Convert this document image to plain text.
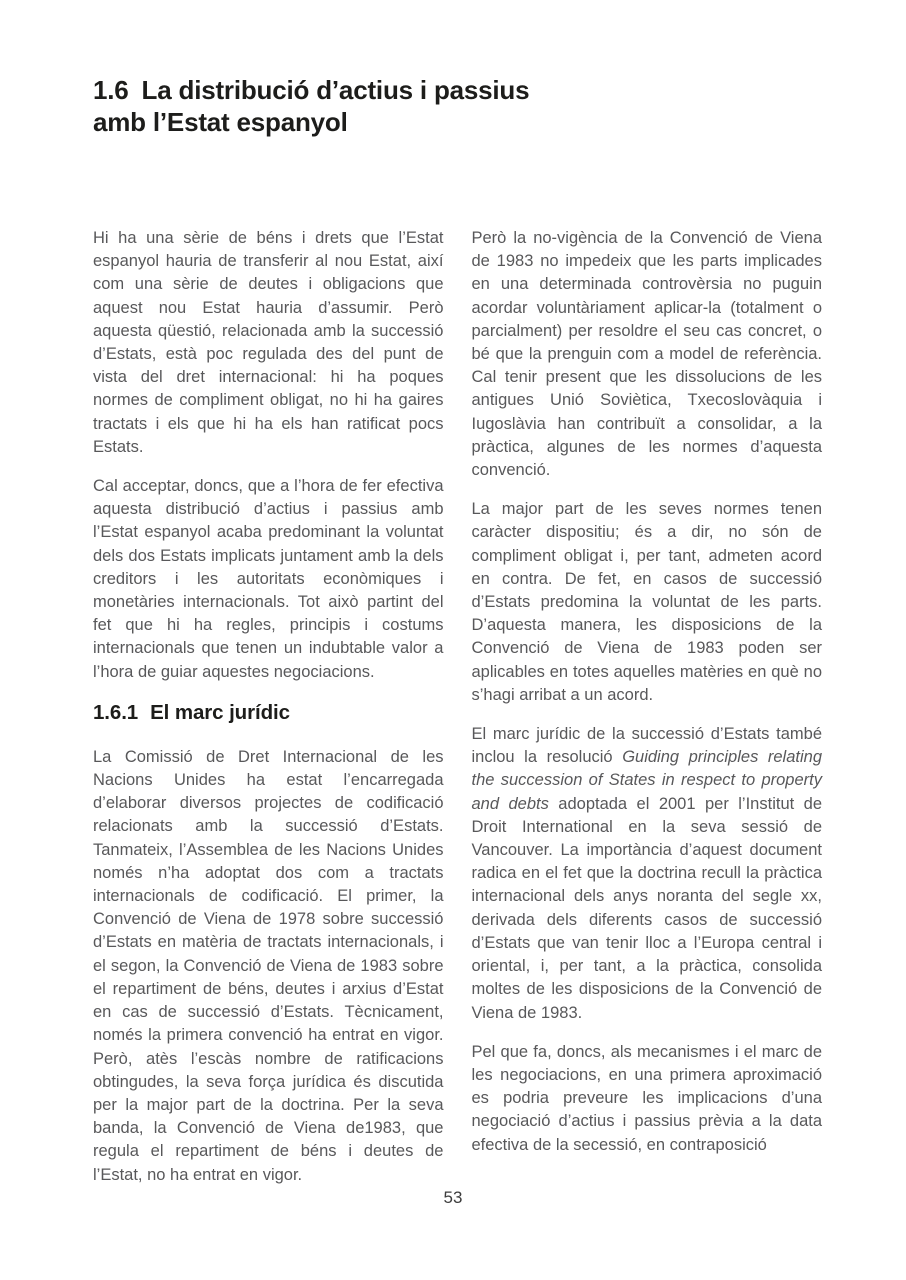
1.6 La distribució d’actius i passius
amb l’Estat espanyol

Hi ha una sèrie de béns i drets que l’Estat espanyol hauria de transferir al nou Estat, així com una sèrie de deutes i obligacions que aquest nou Estat hauria d’assumir. Però aquesta qüestió, relacionada amb la successió d’Estats, està poc regulada des del punt de vista del dret internacional: hi ha poques normes de compliment obligat, no hi ha gaires tractats i els que hi ha els han ratificat pocs Estats.

Cal acceptar, doncs, que a l’hora de fer efectiva aquesta distribució d’actius i passius amb l’Estat espanyol acaba predominant la voluntat dels dos Estats implicats juntament amb la dels creditors i les autoritats econòmiques i monetàries internacionals. Tot això partint del fet que hi ha regles, principis i costums internacionals que tenen un indubtable valor a l’hora de guiar aquestes negociacions.

1.6.1 El marc jurídic

La Comissió de Dret Internacional de les Nacions Unides ha estat l’encarregada d’elaborar diversos projectes de codificació relacionats amb la successió d’Estats. Tanmateix, l’Assemblea de les Nacions Unides només n’ha adoptat dos com a tractats internacionals de codificació. El primer, la Convenció de Viena de 1978 sobre successió d’Estats en matèria de tractats internacionals, i el segon, la Convenció de Viena de 1983 sobre el repartiment de béns, deutes i arxius d’Estat en cas de successió d’Estats. Tècnicament, només la primera convenció ha entrat en vigor. Però, atès l’escàs nombre de ratificacions obtingudes, la seva força jurídica és discutida per la major part de la doctrina. Per la seva banda, la Convenció de Viena de1983, que regula el repartiment de béns i deutes de l’Estat, no ha entrat en vigor.

Però la no-vigència de la Convenció de Viena de 1983 no impedeix que les parts implicades en una determinada controvèrsia no puguin acordar voluntàriament aplicar-la (totalment o parcialment) per resoldre el seu cas concret, o bé que la prenguin com a model de referència. Cal tenir present que les dissolucions de les antigues Unió Soviètica, Txecoslovàquia i Iugoslàvia han contribuït a consolidar, a la pràctica, algunes de les normes d’aquesta convenció.

La major part de les seves normes tenen caràcter dispositiu; és a dir, no són de compliment obligat i, per tant, admeten acord en contra. De fet, en casos de successió d’Estats predomina la voluntat de les parts. D’aquesta manera, les disposicions de la Convenció de Viena de 1983 poden ser aplicables en totes aquelles matèries en què no s’hagi arribat a un acord.

El marc jurídic de la successió d’Estats també inclou la resolució Guiding principles relating the succession of States in respect to property and debts adoptada el 2001 per l’Institut de Droit International en la seva sessió de Vancouver. La importància d’aquest document radica en el fet que la doctrina recull la pràctica internacional dels anys noranta del segle xx, derivada dels diferents casos de successió d’Estats que van tenir lloc a l’Europa central i oriental, i, per tant, a la pràctica, consolida moltes de les disposicions de la Convenció de Viena de 1983.

Pel que fa, doncs, als mecanismes i el marc de les negociacions, en una primera aproximació es podria preveure les implicacions d’una negociació d’actius i passius prèvia a la data efectiva de la secessió, en contraposició

53
